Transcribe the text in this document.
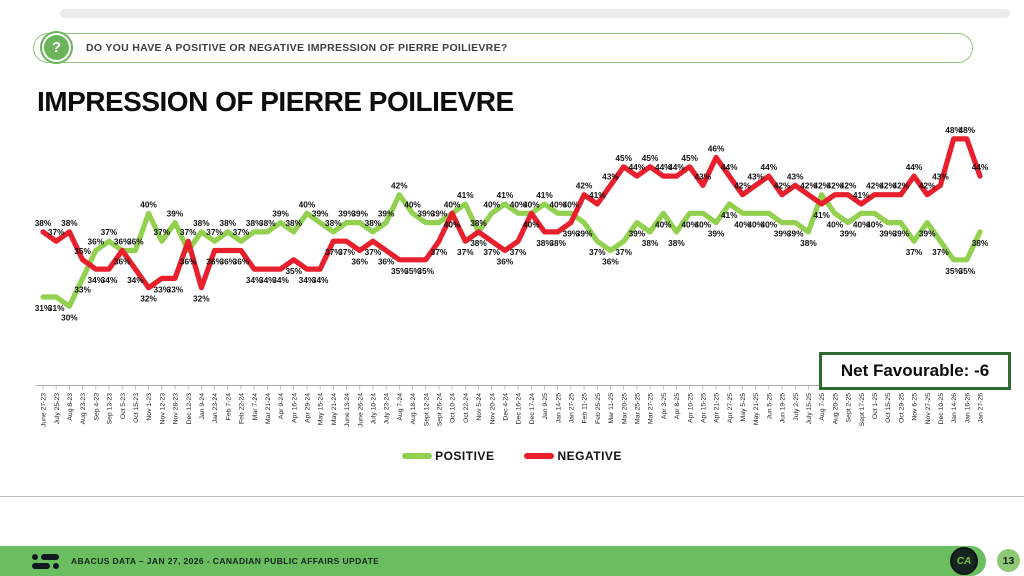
?	DO YOU HAVE A POSITIVE OR NEGATIVE IMPRESSION OF PIERRE POILIEVRE?
IMPRESSION OF PIERRE POILIEVRE
June 27-23 July 25-23 Aug 8-23 Aug 23-23 Sep 4-23 Sep 13-23 Oct 5-23 Oct 15-23 Nov 1-23 Nov 12-23 Nov 28-23 Dec 12-23 Jan 9-24 Jan 23-24 Feb 7-24 Feb 22-24 Mar 7-24 Mar 21-24 Apr 9-24 Apr 16-24 Apr 29-24 May 15-24 May 21-24 June 13-24 June 26-24 July 10-24 July 23-24 Aug 7-24 Aug 18-24 Sept 12-24 Sept 26-24 Oct 10-24 Oct 22-24 Nov 5-24 Nov 20-24 Dec 4-24 Dec 16-24 Dec 17-24 Jan 9-25 Jan 14-25 Jan 27-25 Feb 11-25 Feb 25-25 Mar 11-25 Mar 20-25 Mar 25-25 Mar 27-25 Apr 3-25 Apr 8-25 Apr 10-25 Apr 15-25 Apr 21-25 Apr 27-25 May 5-25 May 21-25 Jun 5-25 Jun 19-25 July 2-25 July 15-25 Aug 7-25 Aug 20-25 Sept 2-25 Sept 17-25 Oct 1-25 Oct 15-25 Oct 29-25 Nov 6-25 Nov 27-25 Dec 10-25 Jan 14-26 Jan 16-26 Jan 27-26
31%
38%
31%
37%
30%
38%
33%
35%
36%
34%
37%
34%
36%
36%
36%
34%
40%
32%
37%
33%
39%
33%
36%
37%
38%
32%
37%
36%
38%
36%
37%
36%
38%
34%
38%
34%
39%
34%
38%
35%
40%
34%
39%
34%
38%
37%
39%
37%
39%
36%
38%
37%
39%
36%
42%
35%
40%
35%
39%
35%
39%
37%
40%
40%
41%
37%
38%
38%
40%
37%
41%
36%
40%
37%
40%
40%
41%
38%
40%
38%
40%
39%
39%
42%
37%
41%
36%
43%
37%
45%
39%
44%
38%
45%
40%
44%
38%
44%
40%
45%
40%
43%
39%
46%
41%
44%
40%
42%
40%
43%
40%
44%
39%
42%
39%
43%
38%
42%
42%
41%
40%
42%
39%
42%
40%
41%
40%
42%
39%
42%
39%
42%
37%
44%
39%
42%
37%
43%
35%
48%
35%
48%
38%
44%
Net Favourable: -6
POSITIVE	NEGATIVE
ABACUS DATA – JAN 27, 2026 - CANADIAN PUBLIC AFFAIRS UPDATE	CA	13
